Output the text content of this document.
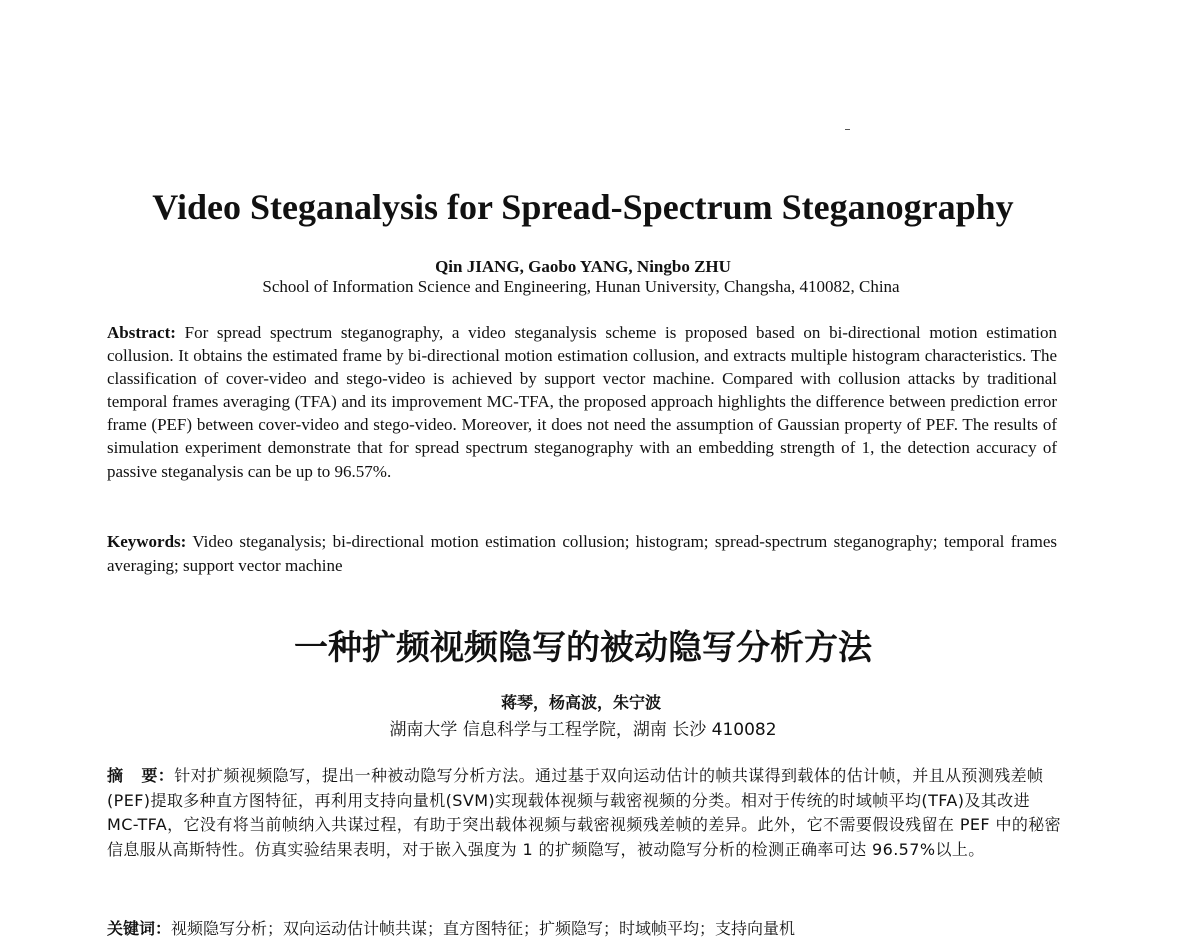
Video Steganalysis for Spread-Spectrum Steganography
Qin JIANG, Gaobo YANG, Ningbo ZHU
School of Information Science and Engineering, Hunan University, Changsha, 410082, China
Abstract: For spread spectrum steganography, a video steganalysis scheme is proposed based on bi-directional motion estimation collusion. It obtains the estimated frame by bi-directional motion estimation collusion, and extracts multiple histogram characteristics. The classification of cover-video and stego-video is achieved by support vector machine. Compared with collusion attacks by traditional temporal frames averaging (TFA) and its improvement MC-TFA, the proposed approach highlights the difference between prediction error frame (PEF) between cover-video and stego-video. Moreover, it does not need the assumption of Gaussian property of PEF. The results of simulation experiment demonstrate that for spread spectrum steganography with an embedding strength of 1, the detection accuracy of passive steganalysis can be up to 96.57%.
Keywords: Video steganalysis; bi-directional motion estimation collusion; histogram; spread-spectrum steganography; temporal frames averaging; support vector machine
一种扩频视频隐写的被动隐写分析方法
蒋琴，杨高波，朱宁波
湖南大学 信息科学与工程学院，湖南 长沙 410082
摘 要：针对扩频视频隐写，提出一种被动隐写分析方法。通过基于双向运动估计的帧共谋得到载体的估计帧，并且从预测残差帧(PEF)提取多种直方图特征，再利用支持向量机(SVM)实现载体视频与载密视频的分类。相对于传统的时域帧平均(TFA)及其改进 MC-TFA，它没有将当前帧纳入共谋过程，有助于突出载体视频与载密视频残差帧的差异。此外，它不需要假设残留在 PEF 中的秘密信息服从高斯特性。仿真实验结果表明，对于嵌入强度为 1 的扩频隐写，被动隐写分析的检测正确率可达 96.57%以上。
关键词：视频隐写分析；双向运动估计帧共谋；直方图特征；扩频隐写；时域帧平均；支持向量机
